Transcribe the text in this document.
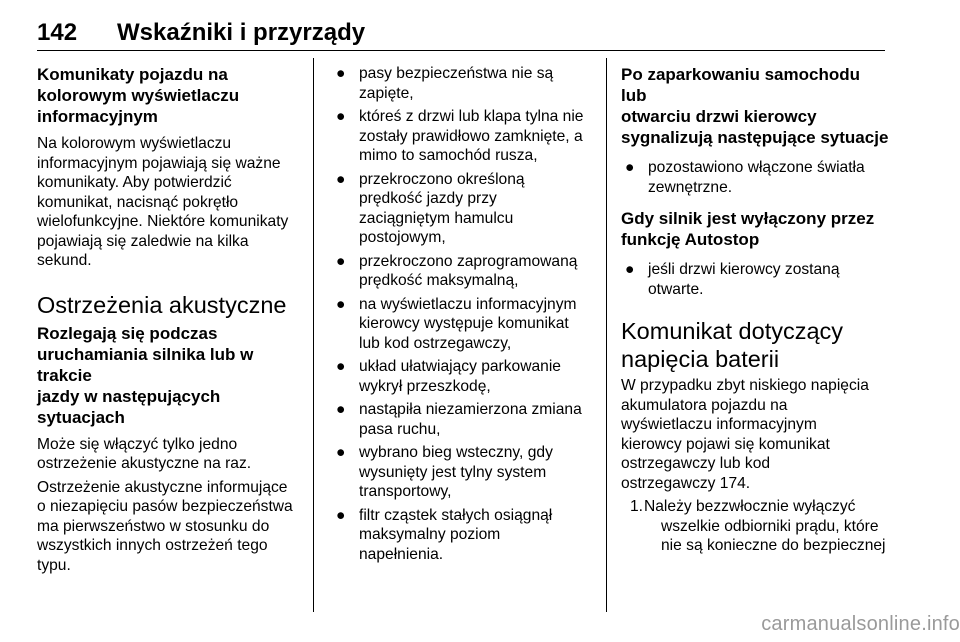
142 Wskaźniki i przyrządy
Komunikaty pojazdu na
kolorowym wyświetlaczu
informacyjnym
Na kolorowym wyświetlaczu
informacyjnym pojawiają się ważne
komunikaty. Aby potwierdzić
komunikat, nacisnąć pokrętło
wielofunkcyjne. Niektóre komunikaty
pojawiają się zaledwie na kilka
sekund.
Ostrzeżenia akustyczne
Rozlegają się podczas
uruchamiania silnika lub w trakcie
jazdy w następujących
sytuacjach
Może się włączyć tylko jedno
ostrzeżenie akustyczne na raz.
Ostrzeżenie akustyczne informujące
o niezapięciu pasów bezpieczeństwa
ma pierwszeństwo w stosunku do
wszystkich innych ostrzeżeń tego
typu.
● pasy bezpieczeństwa nie są
zapięte,
● któreś z drzwi lub klapa tylna nie
zostały prawidłowo zamknięte, a
mimo to samochód rusza,
● przekroczono określoną
prędkość jazdy przy
zaciągniętym hamulcu
postojowym,
● przekroczono zaprogramowaną
prędkość maksymalną,
● na wyświetlaczu informacyjnym
kierowcy występuje komunikat
lub kod ostrzegawczy,
● układ ułatwiający parkowanie
wykrył przeszkodę,
● nastąpiła niezamierzona zmiana
pasa ruchu,
● wybrano bieg wsteczny, gdy
wysunięty jest tylny system
transportowy,
● filtr cząstek stałych osiągnął
maksymalny poziom
napełnienia.
Po zaparkowaniu samochodu lub
otwarciu drzwi kierowcy
sygnalizują następujące sytuacje
● pozostawiono włączone światła
zewnętrzne.
Gdy silnik jest wyłączony przez
funkcję Autostop
● jeśli drzwi kierowcy zostaną
otwarte.
Komunikat dotyczący
napięcia baterii
W przypadku zbyt niskiego napięcia
akumulatora pojazdu na
wyświetlaczu informacyjnym
kierowcy pojawi się komunikat
ostrzegawczy lub kod
ostrzegawczy 174.
1. Należy bezzwłocznie wyłączyć
wszelkie odbiorniki prądu, które
nie są konieczne do bezpiecznej
carmanualsonline.info
